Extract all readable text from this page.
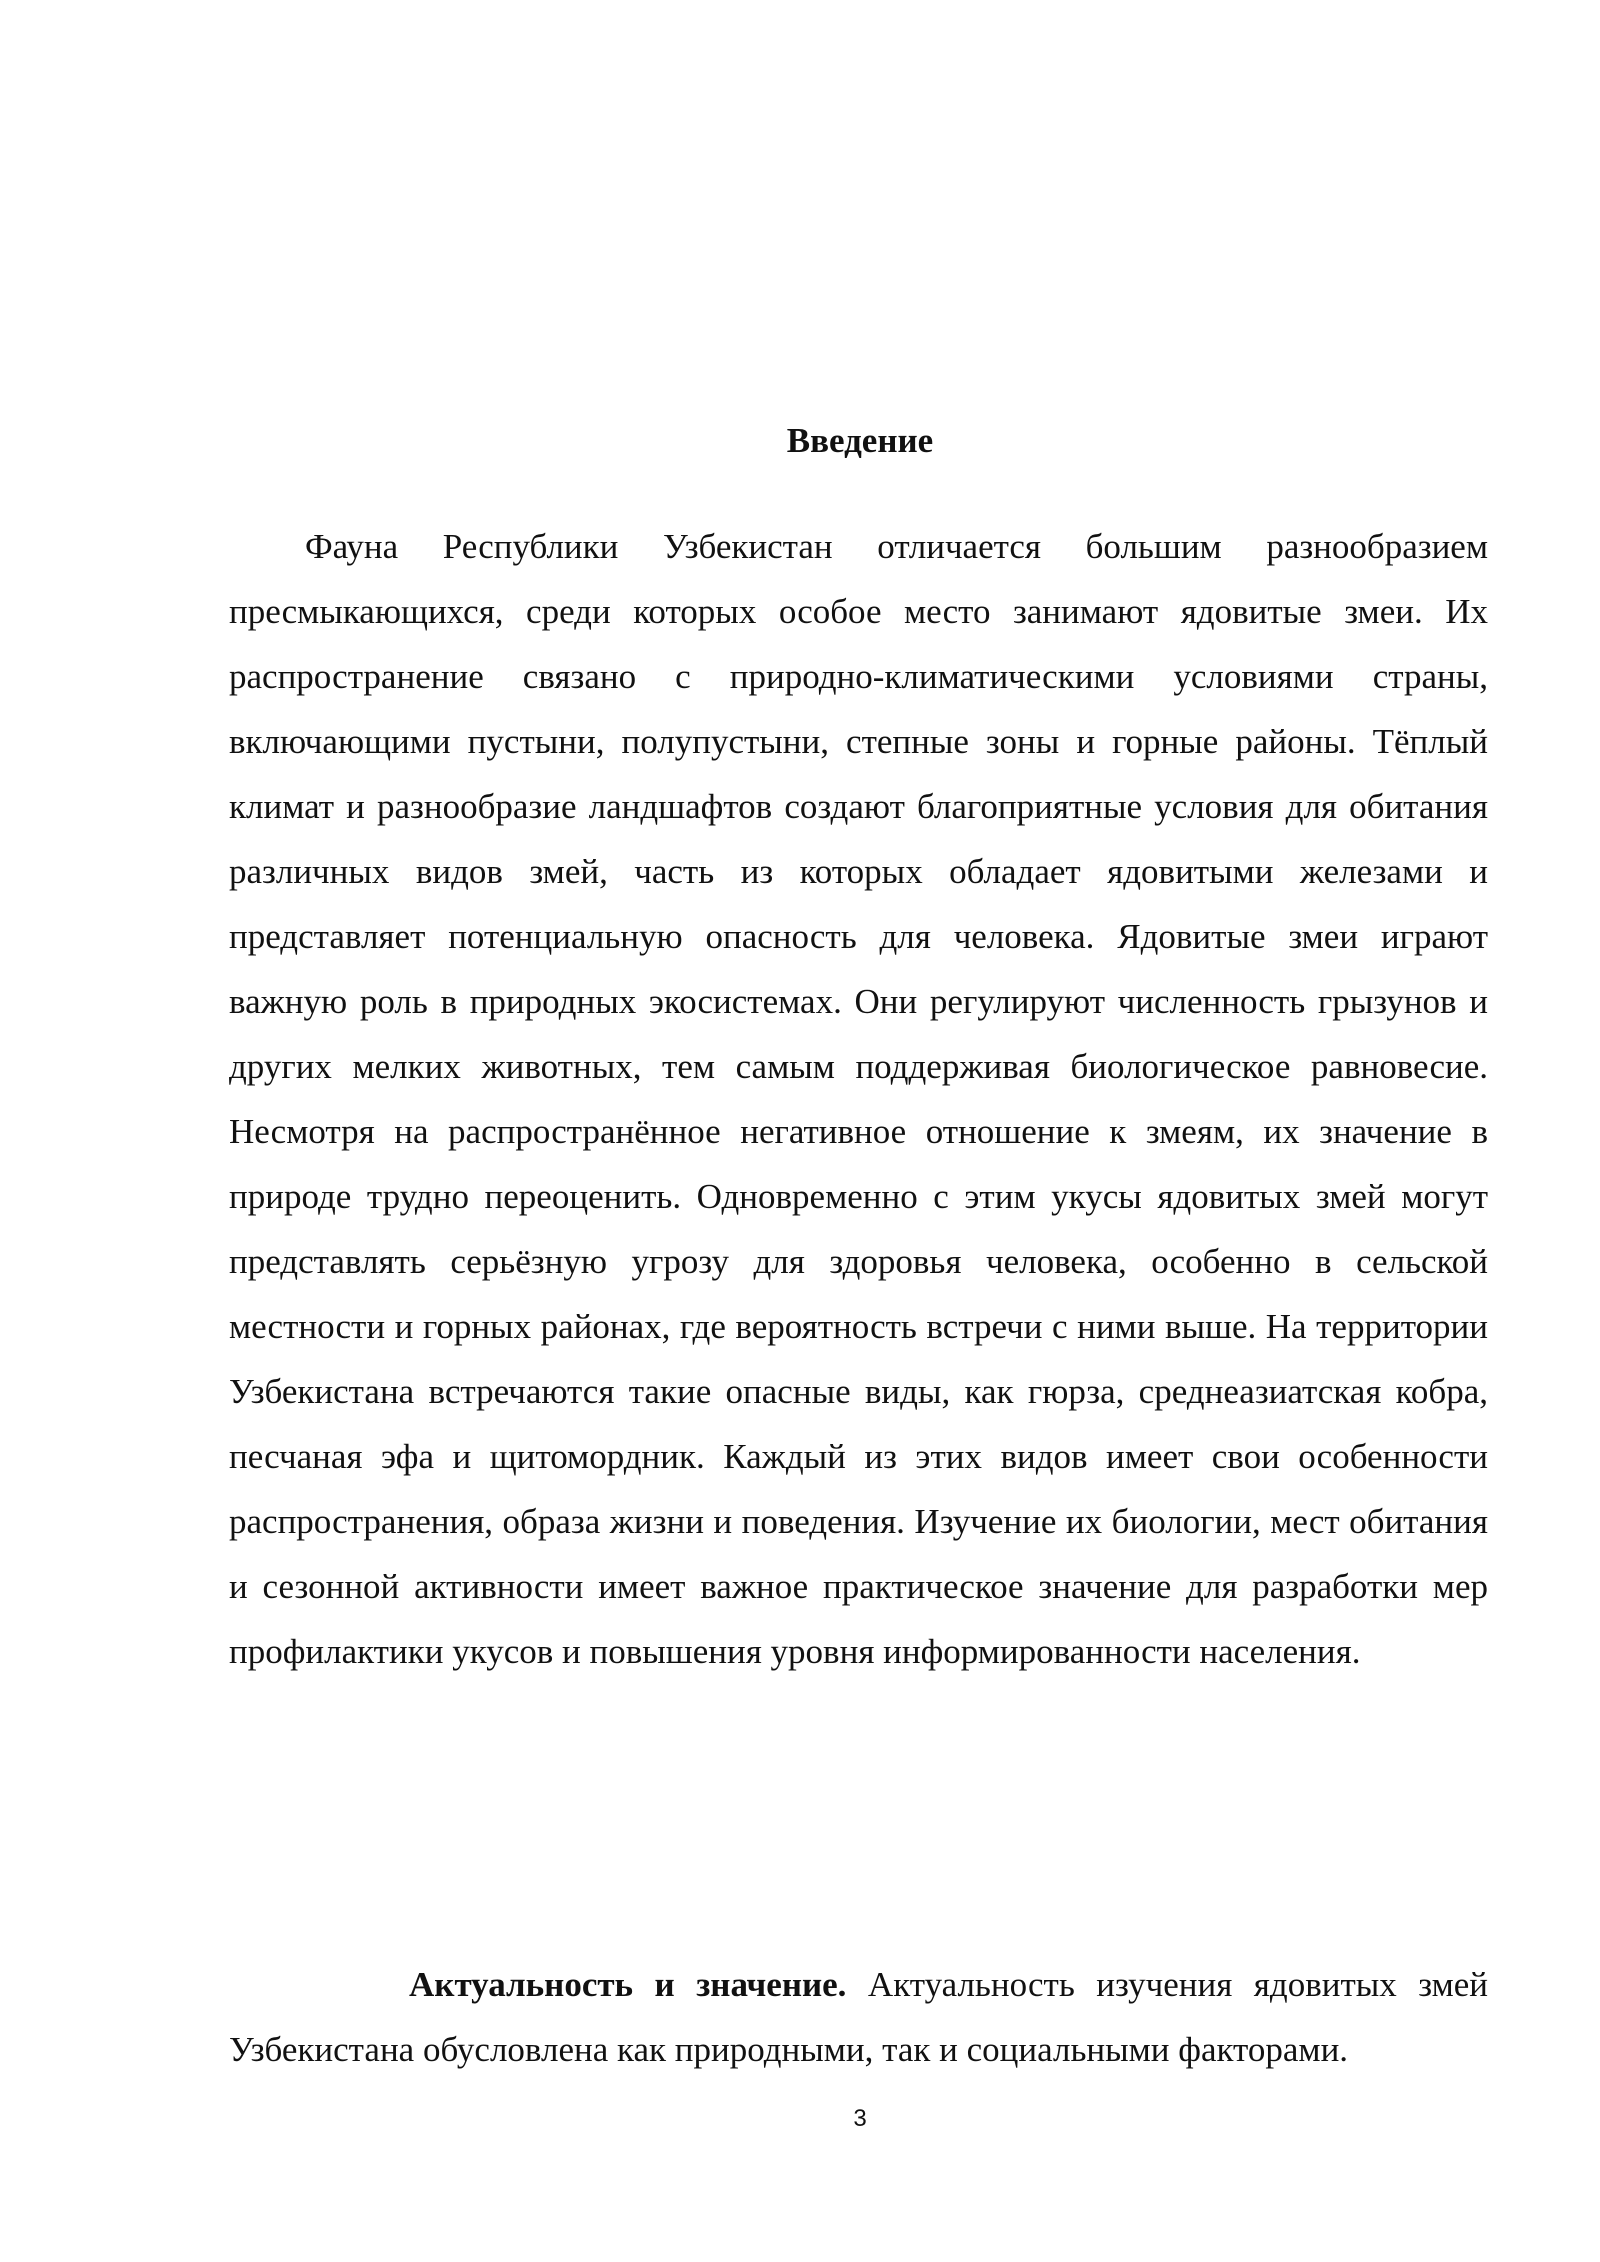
Введение

Фауна Республики Узбекистан отличается большим разнообразием пресмыкающихся, среди которых особое место занимают ядовитые змеи. Их распространение связано с природно-климатическими условиями страны, включающими пустыни, полупустыни, степные зоны и горные районы. Тёплый климат и разнообразие ландшафтов создают благоприятные условия для обитания различных видов змей, часть из которых обладает ядовитыми железами и представляет потенциальную опасность для человека. Ядовитые змеи играют важную роль в природных экосистемах. Они регулируют численность грызунов и других мелких животных, тем самым поддерживая биологическое равновесие. Несмотря на распространённое негативное отношение к змеям, их значение в природе трудно переоценить. Одновременно с этим укусы ядовитых змей могут представлять серьёзную угрозу для здоровья человека, особенно в сельской местности и горных районах, где вероятность встречи с ними выше. На территории Узбекистана встречаются такие опасные виды, как гюрза, среднеазиатская кобра, песчаная эфа и щитомордник. Каждый из этих видов имеет свои особенности распространения, образа жизни и поведения. Изучение их биологии, мест обитания и сезонной активности имеет важное практическое значение для разработки мер профилактики укусов и повышения уровня информированности населения.

Актуальность и значение. Актуальность изучения ядовитых змей Узбекистана обусловлена как природными, так и социальными факторами.

3
